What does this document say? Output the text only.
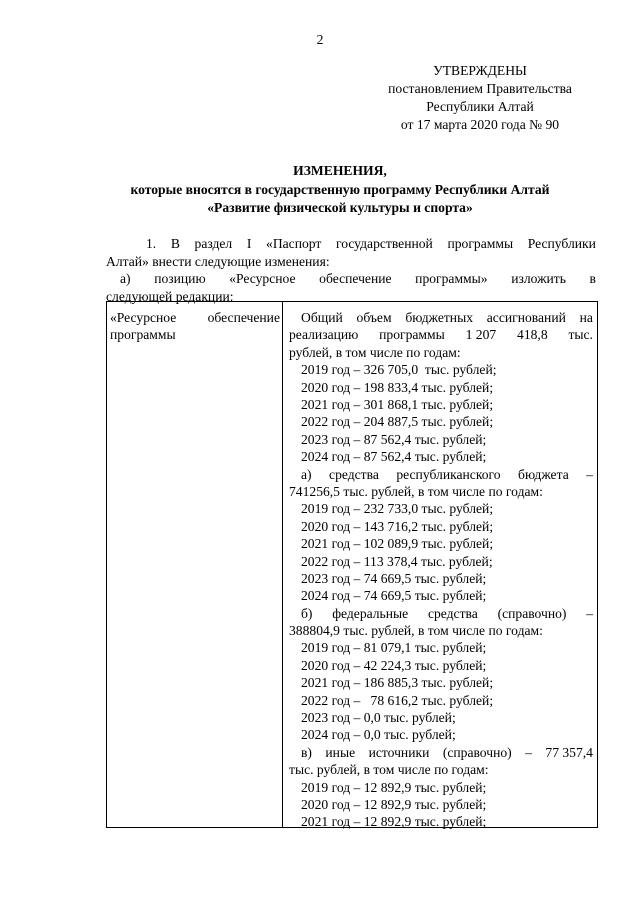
2
УТВЕРЖДЕНЫ
постановлением Правительства
Республики Алтай
от 17 марта 2020 года № 90
ИЗМЕНЕНИЯ,
которые вносятся в государственную программу Республики Алтай
«Развитие физической культуры и спорта»
1. В раздел I «Паспорт государственной программы Республики
Алтай» внести следующие изменения:
а) позицию «Ресурсное обеспечение программы» изложить в
следующей редакции:
«Ресурсное обеспечение
программы
Общий объем бюджетных ассигнований на
реализацию программы 1 207 418,8 тыс.
рублей, в том числе по годам:
2019 год – 326 705,0  тыс. рублей;
2020 год – 198 833,4 тыс. рублей;
2021 год – 301 868,1 тыс. рублей;
2022 год – 204 887,5 тыс. рублей;
2023 год – 87 562,4 тыс. рублей;
2024 год – 87 562,4 тыс. рублей;
а) средства республиканского бюджета –
741256,5 тыс. рублей, в том числе по годам:
2019 год – 232 733,0 тыс. рублей;
2020 год – 143 716,2 тыс. рублей;
2021 год – 102 089,9 тыс. рублей;
2022 год – 113 378,4 тыс. рублей;
2023 год – 74 669,5 тыс. рублей;
2024 год – 74 669,5 тыс. рублей;
б) федеральные средства (справочно) –
388804,9 тыс. рублей, в том числе по годам:
2019 год – 81 079,1 тыс. рублей;
2020 год – 42 224,3 тыс. рублей;
2021 год – 186 885,3 тыс. рублей;
2022 год –   78 616,2 тыс. рублей;
2023 год – 0,0 тыс. рублей;
2024 год – 0,0 тыс. рублей;
в) иные источники (справочно) – 77 357,4
тыс. рублей, в том числе по годам:
2019 год – 12 892,9 тыс. рублей;
2020 год – 12 892,9 тыс. рублей;
2021 год – 12 892,9 тыс. рублей;
